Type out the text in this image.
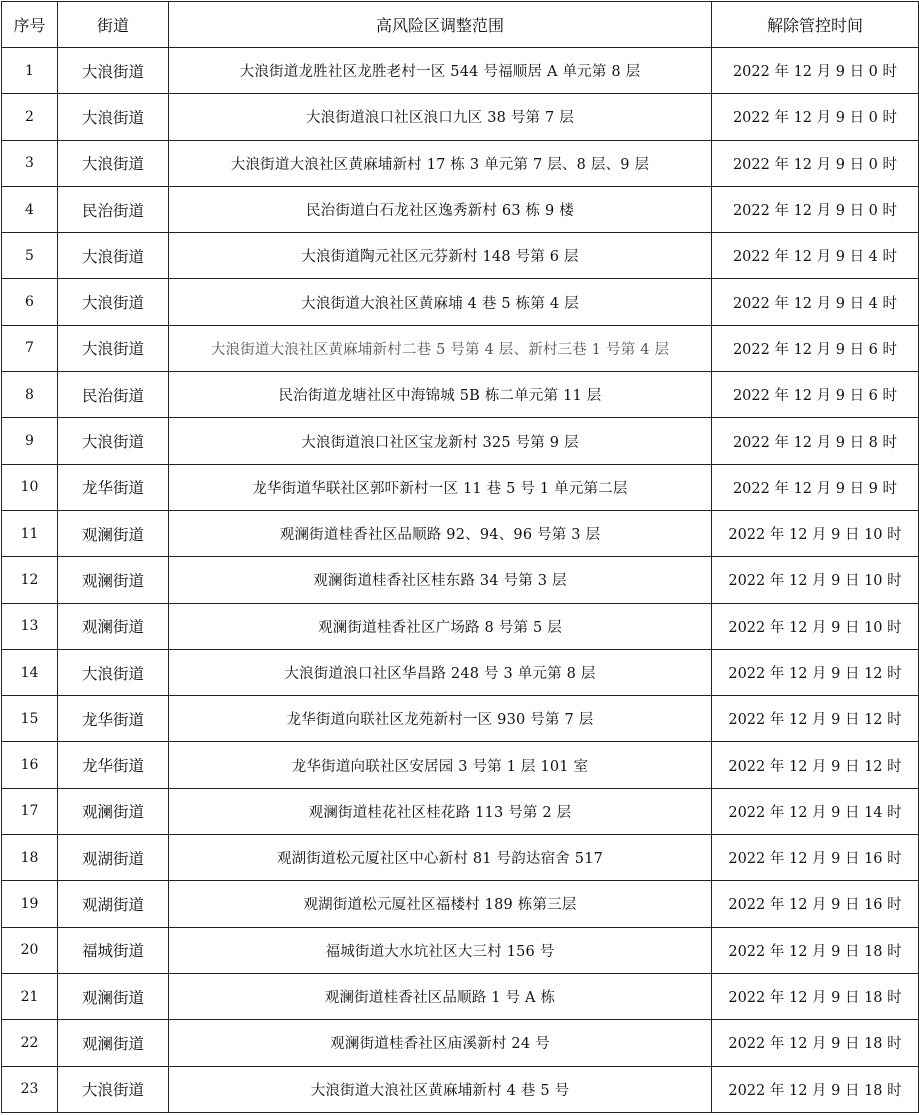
序号	街道	高风险区调整范围	解除管控时间
1	大浪街道	大浪街道龙胜社区龙胜老村一区 544 号福顺居 A 单元第 8 层	2022 年 12 月 9 日 0 时
2	大浪街道	大浪街道浪口社区浪口九区 38 号第 7 层	2022 年 12 月 9 日 0 时
3	大浪街道	大浪街道大浪社区黄麻埔新村 17 栋 3 单元第 7 层、8 层、9 层	2022 年 12 月 9 日 0 时
4	民治街道	民治街道白石龙社区逸秀新村 63 栋 9 楼	2022 年 12 月 9 日 0 时
5	大浪街道	大浪街道陶元社区元芬新村 148 号第 6 层	2022 年 12 月 9 日 4 时
6	大浪街道	大浪街道大浪社区黄麻埔 4 巷 5 栋第 4 层	2022 年 12 月 9 日 4 时
7	大浪街道	大浪街道大浪社区黄麻埔新村二巷 5 号第 4 层、新村三巷 1 号第 4 层	2022 年 12 月 9 日 6 时
8	民治街道	民治街道龙塘社区中海锦城 5B 栋二单元第 11 层	2022 年 12 月 9 日 6 时
9	大浪街道	大浪街道浪口社区宝龙新村 325 号第 9 层	2022 年 12 月 9 日 8 时
10	龙华街道	龙华街道华联社区郭吓新村一区 11 巷 5 号 1 单元第二层	2022 年 12 月 9 日 9 时
11	观澜街道	观澜街道桂香社区品顺路 92、94、96 号第 3 层	2022 年 12 月 9 日 10 时
12	观澜街道	观澜街道桂香社区桂东路 34 号第 3 层	2022 年 12 月 9 日 10 时
13	观澜街道	观澜街道桂香社区广场路 8 号第 5 层	2022 年 12 月 9 日 10 时
14	大浪街道	大浪街道浪口社区华昌路 248 号 3 单元第 8 层	2022 年 12 月 9 日 12 时
15	龙华街道	龙华街道向联社区龙苑新村一区 930 号第 7 层	2022 年 12 月 9 日 12 时
16	龙华街道	龙华街道向联社区安居园 3 号第 1 层 101 室	2022 年 12 月 9 日 12 时
17	观澜街道	观澜街道桂花社区桂花路 113 号第 2 层	2022 年 12 月 9 日 14 时
18	观湖街道	观湖街道松元厦社区中心新村 81 号韵达宿舍 517	2022 年 12 月 9 日 16 时
19	观湖街道	观湖街道松元厦社区福楼村 189 栋第三层	2022 年 12 月 9 日 16 时
20	福城街道	福城街道大水坑社区大三村 156 号	2022 年 12 月 9 日 18 时
21	观澜街道	观澜街道桂香社区品顺路 1 号 A 栋	2022 年 12 月 9 日 18 时
22	观澜街道	观澜街道桂香社区庙溪新村 24 号	2022 年 12 月 9 日 18 时
23	大浪街道	大浪街道大浪社区黄麻埔新村 4 巷 5 号	2022 年 12 月 9 日 18 时
